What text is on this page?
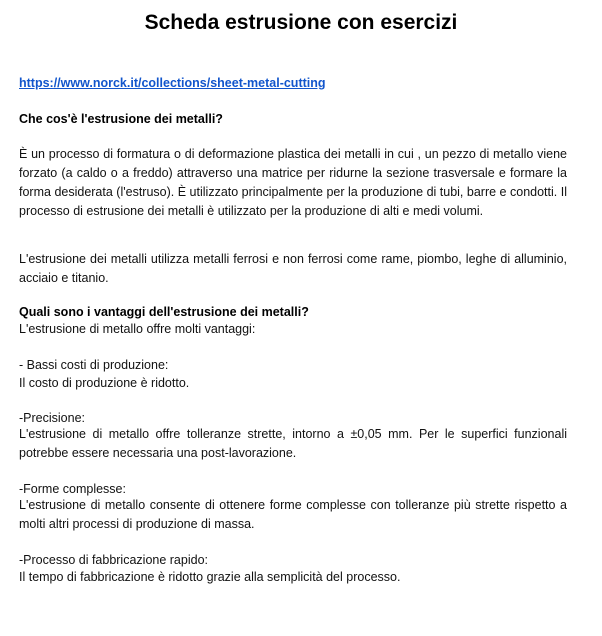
Scheda estrusione con esercizi
https://www.norck.it/collections/sheet-metal-cutting
Che cos'è l'estrusione dei metalli?

È un processo di formatura o di deformazione plastica dei metalli in cui , un pezzo di metallo viene forzato (a caldo o a freddo) attraverso una matrice per ridurne la sezione trasversale e formare la forma desiderata (l'estruso). È utilizzato principalmente per la produzione di tubi, barre e condotti. Il processo di estrusione dei metalli è utilizzato per la produzione di alti e medi volumi.

L'estrusione dei metalli utilizza metalli ferrosi e non ferrosi come rame, piombo, leghe di alluminio, acciaio e titanio.

Quali sono i vantaggi dell'estrusione dei metalli?

L'estrusione di metallo offre molti vantaggi:

- Bassi costi di produzione:

Il costo di produzione è ridotto.

-Precisione:

L'estrusione di metallo offre tolleranze strette, intorno a ±0,05 mm. Per le superfici funzionali potrebbe essere necessaria una post-lavorazione.

-Forme complesse:

L'estrusione di metallo consente di ottenere forme complesse con tolleranze più strette rispetto a molti altri processi di produzione di massa.

-Processo di fabbricazione rapido:

Il tempo di fabbricazione è ridotto grazie alla semplicità del processo.
